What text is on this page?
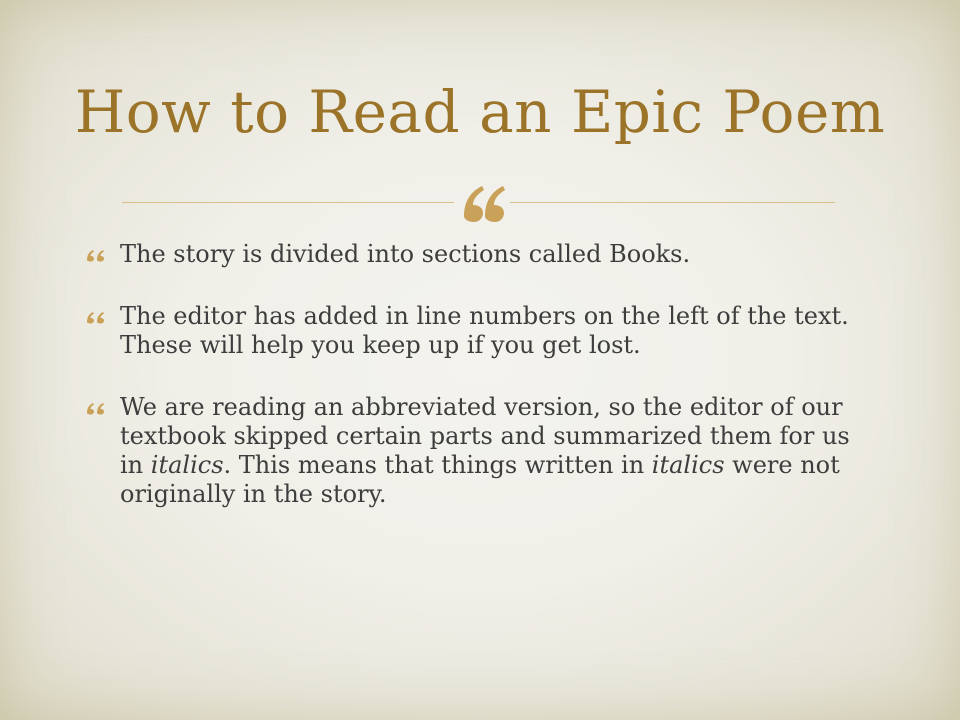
How to Read an Epic Poem
The story is divided into sections called Books.
The editor has added in line numbers on the left of the text. These will help you keep up if you get lost.
We are reading an abbreviated version, so the editor of our textbook skipped certain parts and summarized them for us in italics. This means that things written in italics were not originally in the story.
